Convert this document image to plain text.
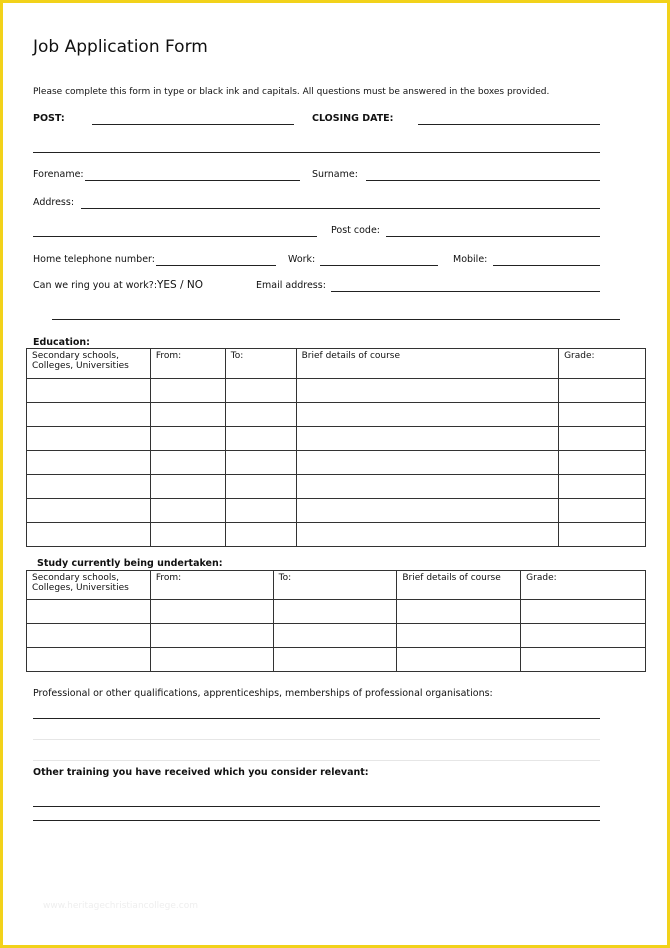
Job Application Form
Please complete this form in type or black ink and capitals. All questions must be answered in the boxes provided.
POST:	CLOSING DATE:
Forename:	Surname:
Address:
Post code:
Home telephone number:	Work:	Mobile:
Can we ring you at work?: YES / NO	Email address:
Education:
Secondary schools, Colleges, Universities	From:	To:	Brief details of course	Grade:

Study currently being undertaken:
Secondary schools, Colleges, Universities	From:	To:	Brief details of course	Grade:

Professional or other qualifications, apprenticeships, memberships of professional organisations:
Other training you have received which you consider relevant:
www.heritagechristiancollege.com
